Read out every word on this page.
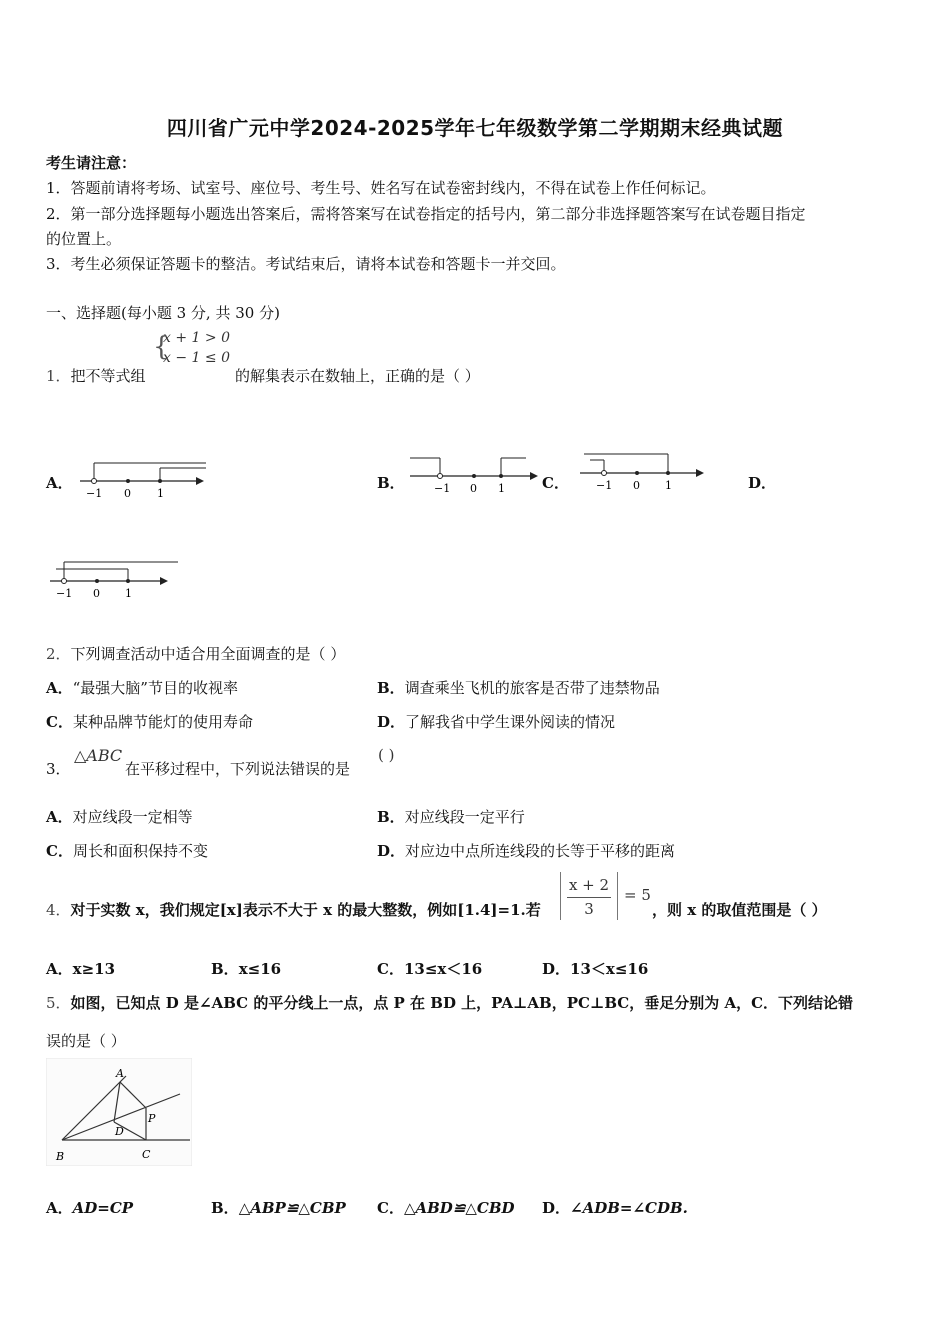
四川省广元中学2024-2025学年七年级数学第二学期期末经典试题
考生请注意：
1．答题前请将考场、试室号、座位号、考生号、姓名写在试卷密封线内，不得在试卷上作任何标记。
2．第一部分选择题每小题选出答案后，需将答案写在试卷指定的括号内，第二部分非选择题答案写在试卷题目指定
的位置上。
3．考生必须保证答题卡的整洁。考试结束后，请将本试卷和答题卡一并交回。
一、选择题(每小题 3 分, 共 30 分)
1．把不等式组
{
x + 1 > 0
x − 1 ≤ 0
的解集表示在数轴上，正确的是（ ）
A．
−1 0 1
B．	−1 0 1 C． −1 0 1	D．
−1 0 1
2．下列调查活动中适合用全面调查的是（ ）
A．“最强大脑”节目的收视率	B．调查乘坐飞机的旅客是否带了违禁物品
C．某种品牌节能灯的使用寿命	D．了解我省中学生课外阅读的情况
3．
△ABC
在平移过程中，下列说法错误的是
( )
A．对应线段一定相等	B．对应线段一定平行
C．周长和面积保持不变	D．对应边中点所连线段的长等于平移的距离
4．对于实数 x，我们规定[x]表示不大于 x 的最大整数，例如[1.4]=1.若
x + 2
3
= 5
，则 x 的取值范围是（ ）
A．x≥13	B．x≤16	C．13≤x＜16	D．13＜x≤16
5．如图，已知点 D 是∠ABC 的平分线上一点，点 P 在 BD 上，PA⊥AB，PC⊥BC，垂足分别为 A，C．下列结论错
误的是（ ）
A
B	C
D
P
A．AD=CP	B．△ABP≌△CBP C．△ABD≌△CBD D．∠ADB=∠CDB.
